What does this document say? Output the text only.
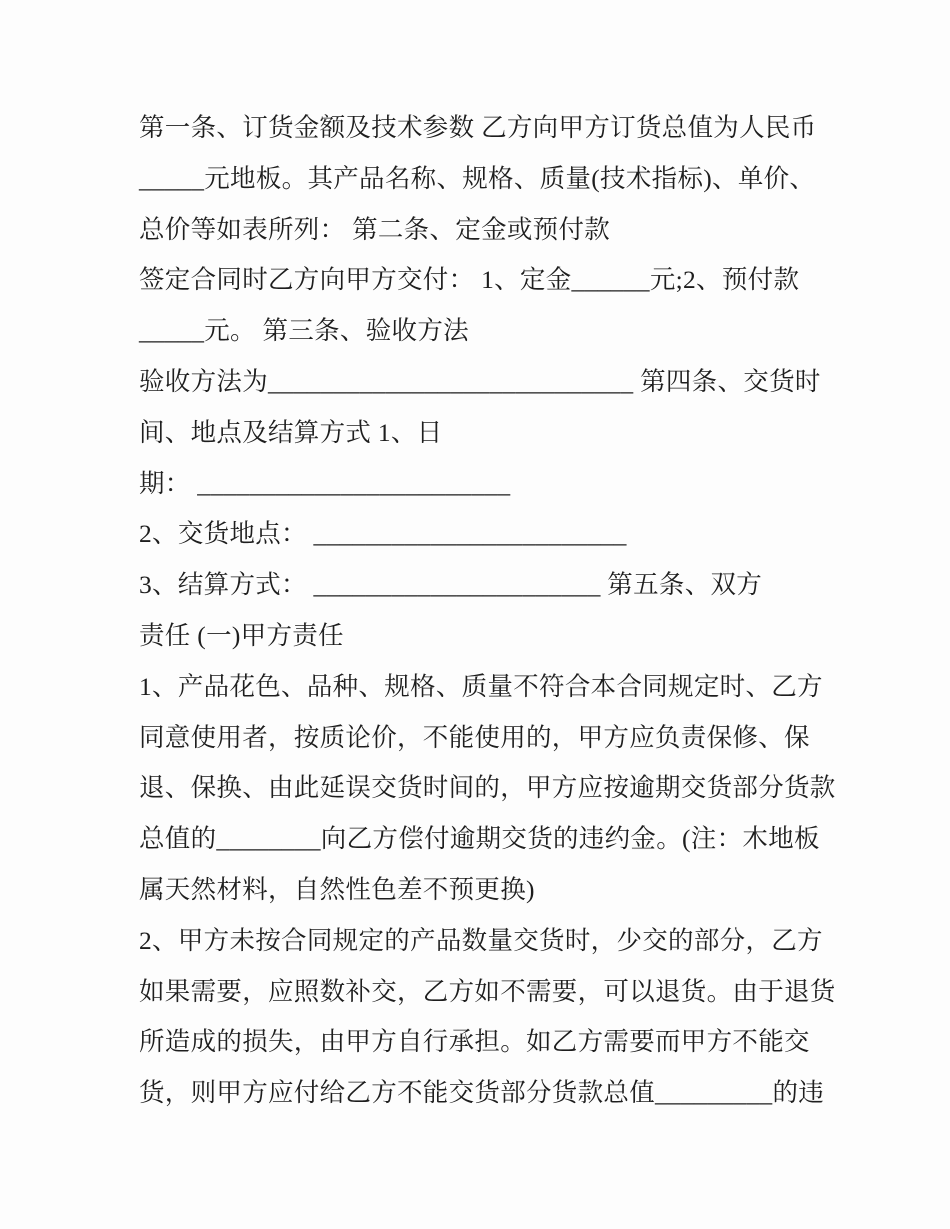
第一条、订货金额及技术参数 乙方向甲方订货总值为人民币

_____元地板。其产品名称、规格、质量(技术指标)、单价、

总价等如表所列： 第二条、定金或预付款

签定合同时乙方向甲方交付： 1、定金______元;2、预付款

_____元。 第三条、验收方法

验收方法为____________________________ 第四条、交货时

间、地点及结算方式 1、日

期： ________________________

2、交货地点： ________________________

3、结算方式： ______________________ 第五条、双方

责任 (一)甲方责任

1、产品花色、品种、规格、质量不符合本合同规定时、乙方

同意使用者，按质论价，不能使用的，甲方应负责保修、保

退、保换、由此延误交货时间的，甲方应按逾期交货部分货款

总值的________向乙方偿付逾期交货的违约金。(注：木地板

属天然材料，自然性色差不预更换)

2、甲方未按合同规定的产品数量交货时，少交的部分，乙方

如果需要，应照数补交，乙方如不需要，可以退货。由于退货

所造成的损失，由甲方自行承担。如乙方需要而甲方不能交

货，则甲方应付给乙方不能交货部分货款总值_________的违
